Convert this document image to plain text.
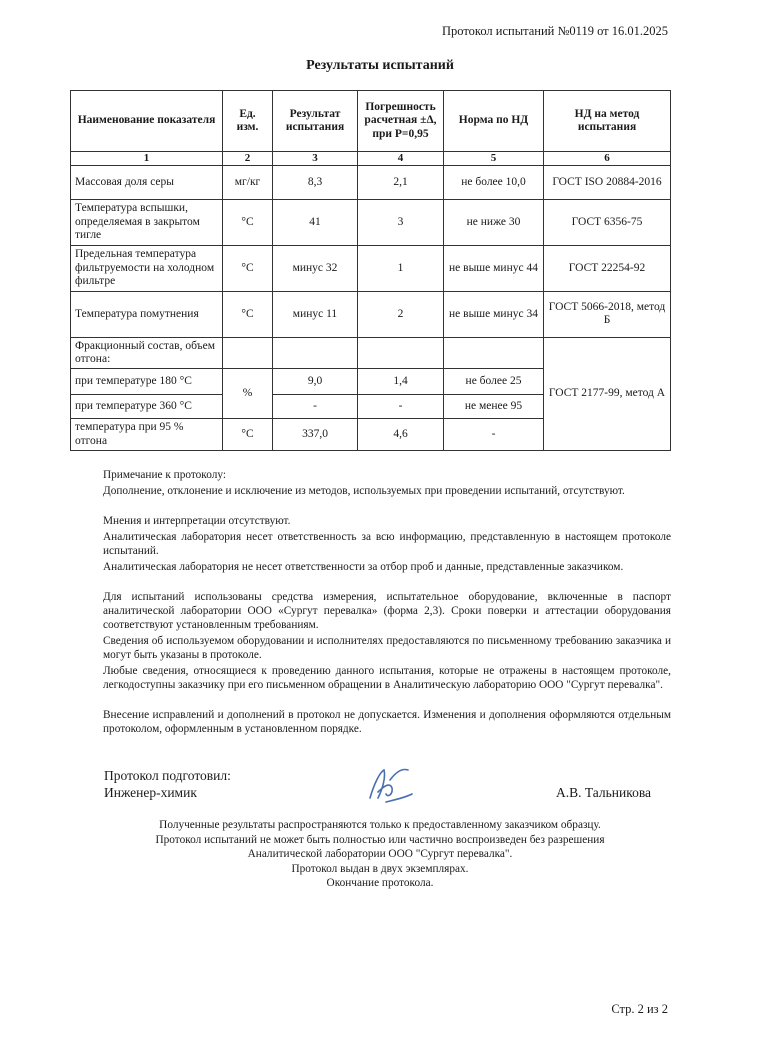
Протокол испытаний №0119 от 16.01.2025
Результаты испытаний
Наименование показателя	Ед. изм.	Результат испытания	Погрешность расчетная ±Δ, при Р=0,95	Норма по НД	НД на метод испытания
1	2	3	4	5	6
Массовая доля серы	мг/кг	8,3	2,1	не более 10,0	ГОСТ ISO 20884-2016
Температура вспышки, определяемая в закрытом тигле	°C	41	3	не ниже 30	ГОСТ 6356-75
Предельная температура фильтруемости на холодном фильтре	°C	минус 32	1	не выше минус 44	ГОСТ 22254-92
Температура помутнения	°C	минус 11	2	не выше минус 34	ГОСТ 5066-2018, метод Б
Фракционный состав, объем отгона:					ГОСТ 2177-99, метод А
при температуре 180 °С	%	9,0	1,4	не более 25	
при температуре 360 °С		-	-	не менее 95	
температура при 95 % отгона	°C	337,0	4,6	-	
Примечание к протоколу:
Дополнение, отклонение и исключение из методов, используемых при проведении испытаний, отсутствуют.
Мнения и интерпретации отсутствуют.
Аналитическая лаборатория несет ответственность за всю информацию, представленную в настоящем протоколе испытаний.
Аналитическая лаборатория не несет ответственности за отбор проб и данные, представленные заказчиком.
Для испытаний использованы средства измерения, испытательное оборудование, включенные в паспорт аналитической лаборатории ООО «Сургут перевалка» (форма 2,3). Сроки поверки и аттестации оборудования соответствуют установленным требованиям.
Сведения об используемом оборудовании и исполнителях предоставляются по письменному требованию заказчика и могут быть указаны в протоколе.
Любые сведения, относящиеся к проведению данного испытания, которые не отражены в настоящем протоколе, легкодоступны заказчику при его письменном обращении в Аналитическую лабораторию ООО "Сургут перевалка".
Внесение исправлений и дополнений в протокол не допускается. Изменения и дополнения оформляются отдельным протоколом, оформленным в установленном порядке.
Протокол подготовил:
Инженер-химик	А.В. Тальникова
Полученные результаты распространяются только к предоставленному заказчиком образцу.
Протокол испытаний не может быть полностью или частично воспроизведен без разрешения
Аналитической лаборатории ООО "Сургут перевалка".
Протокол выдан в двух экземплярах.
Окончание протокола.
Стр. 2 из 2
